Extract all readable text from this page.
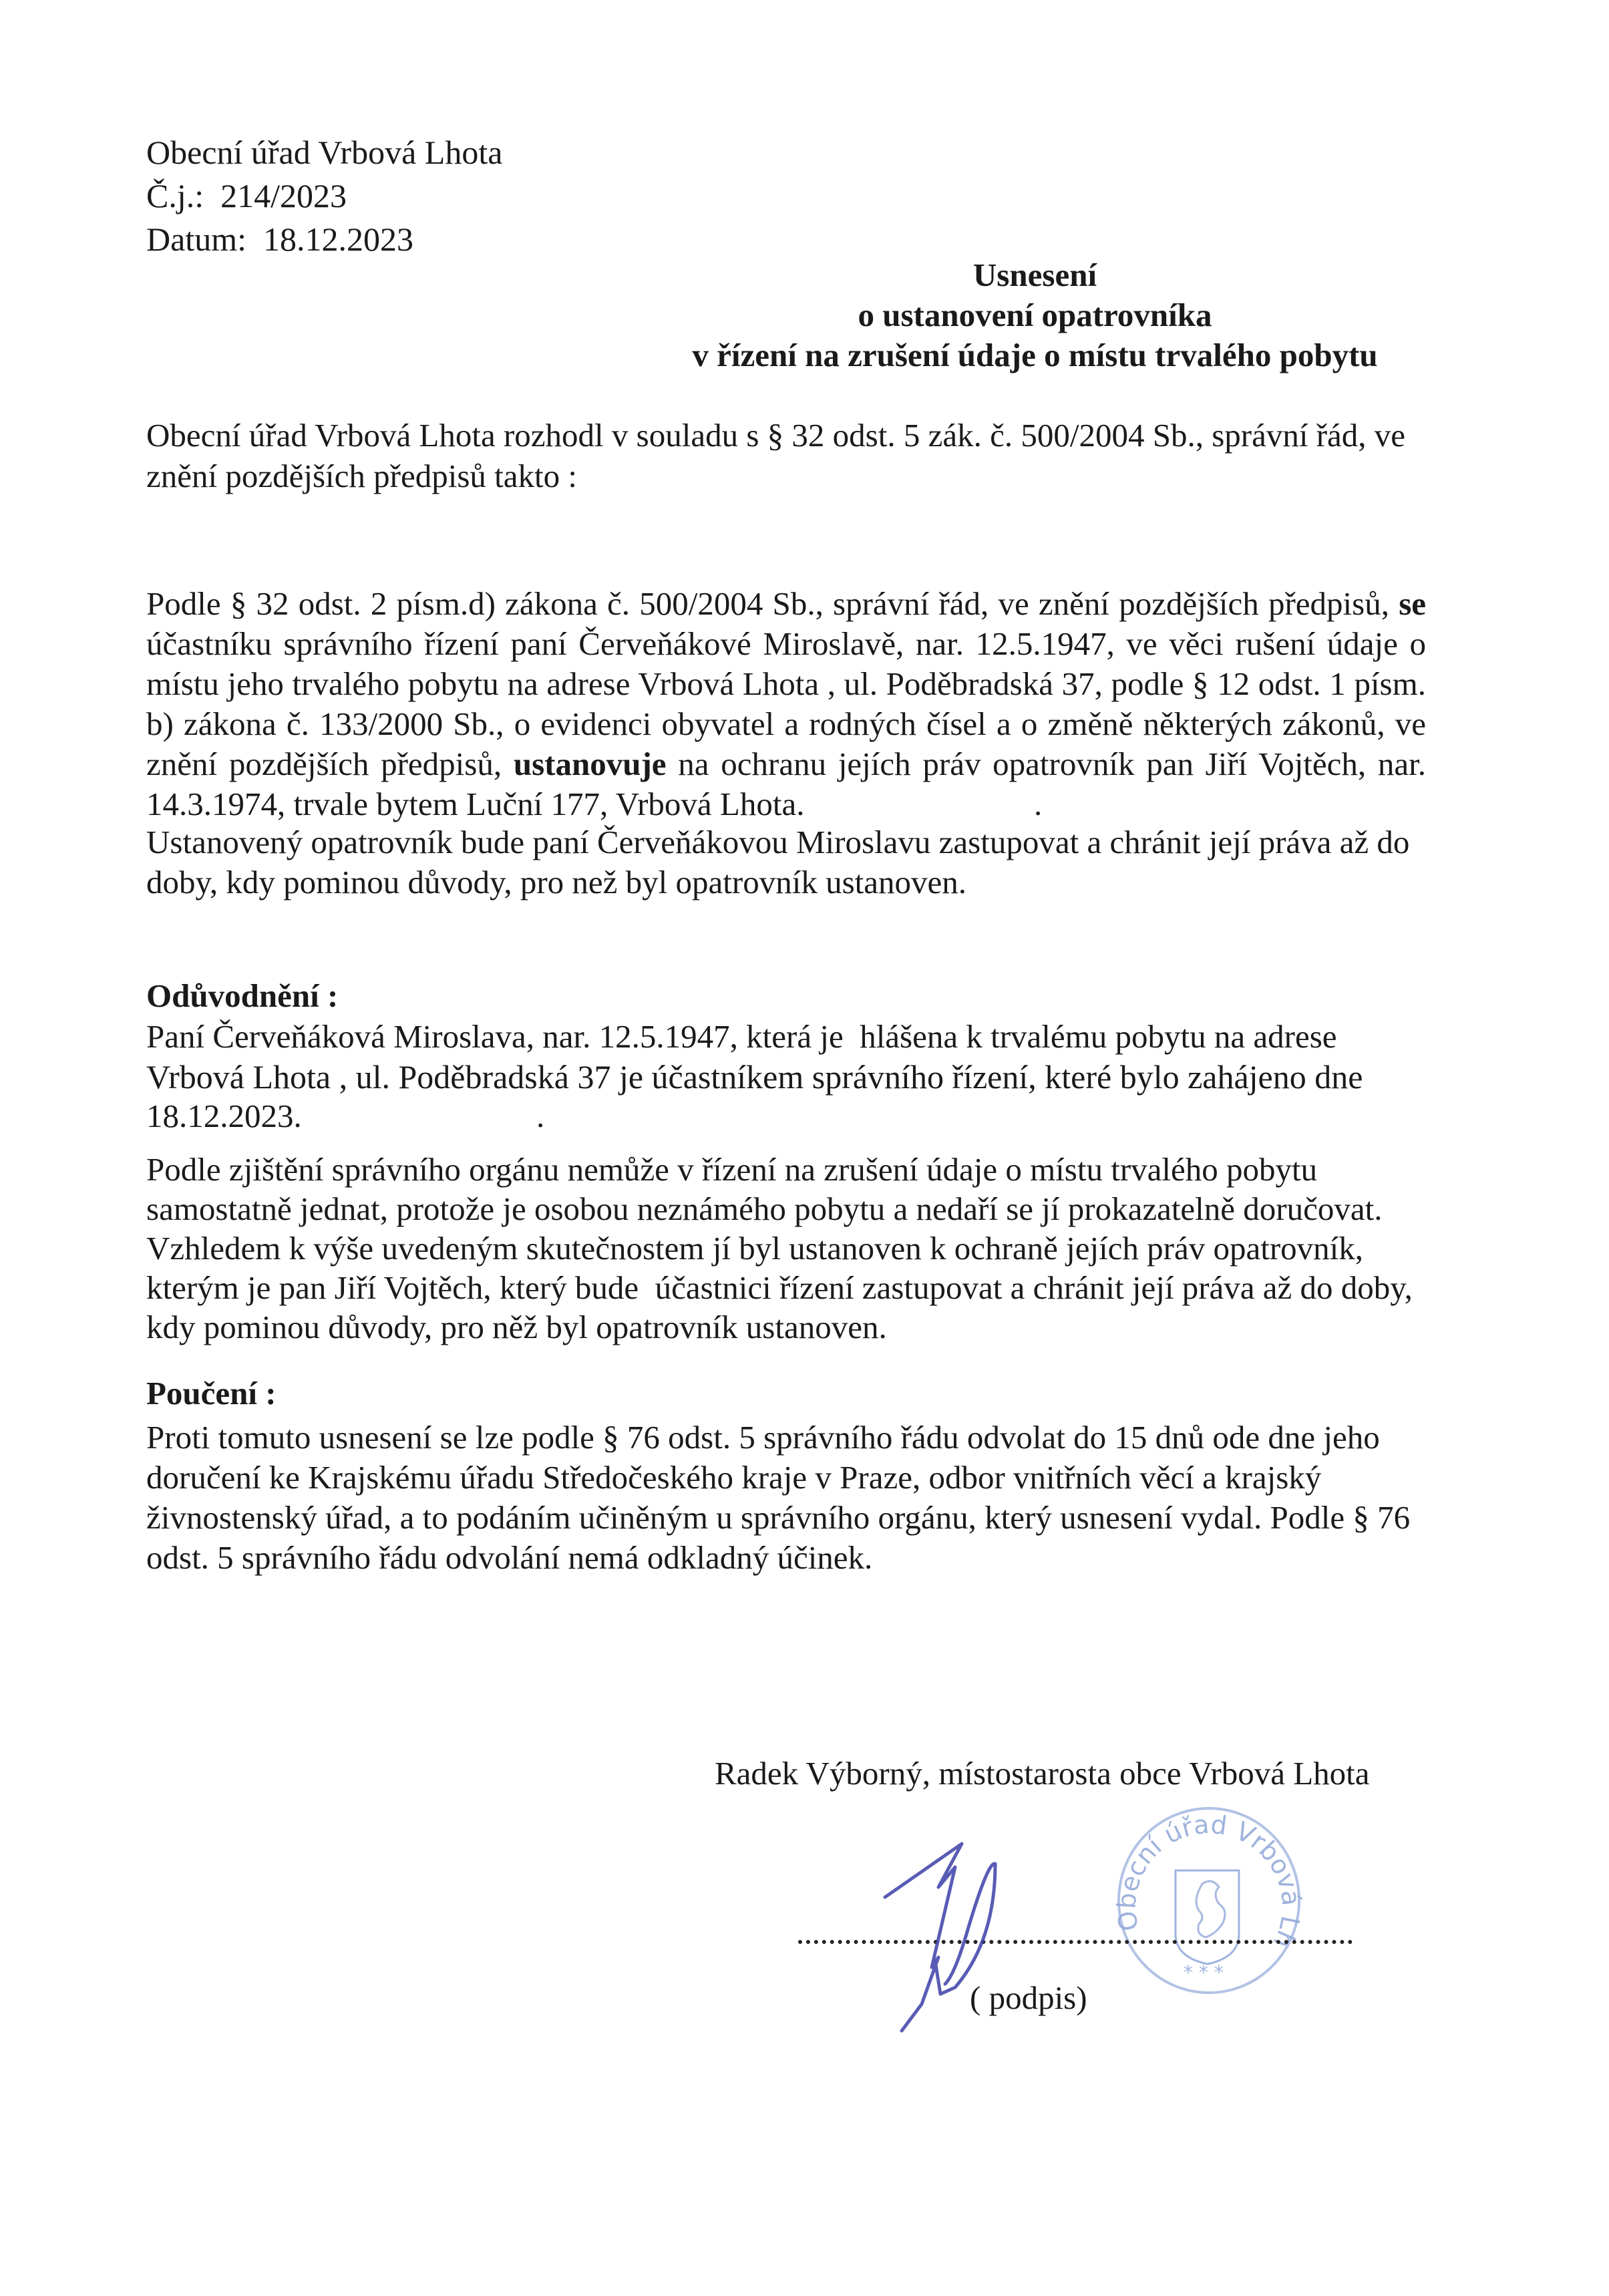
Obecní úřad Vrbová Lhota
Č.j.: 214/2023
Datum: 18.12.2023
Usnesení
o ustanovení opatrovníka
v řízení na zrušení údaje o místu trvalého pobytu
Obecní úřad Vrbová Lhota rozhodl v souladu s § 32 odst. 5 zák. č. 500/2004 Sb., správní řád, ve
znění pozdějších předpisů takto :
Podle § 32 odst. 2 písm.d) zákona č. 500/2004 Sb., správní řád, ve znění pozdějších předpisů, se
účastníku správního řízení paní Červeňákové Miroslavě, nar. 12.5.1947, ve věci rušení údaje o
místu jeho trvalého pobytu na adrese Vrbová Lhota , ul. Poděbradská 37, podle § 12 odst. 1 písm.
b) zákona č. 133/2000 Sb., o evidenci obyvatel a rodných čísel a o změně některých zákonů, ve
znění pozdějších předpisů, ustanovuje na ochranu jejích práv opatrovník pan Jiří Vojtěch, nar.
14.3.1974, trvale bytem Luční 177, Vrbová Lhota.	.
Ustanovený opatrovník bude paní Červeňákovou Miroslavu zastupovat a chránit její práva až do
doby, kdy pominou důvody, pro než byl opatrovník ustanoven.
Odůvodnění :
Paní Červeňáková Miroslava, nar. 12.5.1947, která je  hlášena k trvalému pobytu na adrese
Vrbová Lhota , ul. Poděbradská 37 je účastníkem správního řízení, které bylo zahájeno dne
18.12.2023.	.
Podle zjištění správního orgánu nemůže v řízení na zrušení údaje o místu trvalého pobytu
samostatně jednat, protože je osobou neznámého pobytu a nedaří se jí prokazatelně doručovat.
Vzhledem k výše uvedeným skutečnostem jí byl ustanoven k ochraně jejích práv opatrovník,
kterým je pan Jiří Vojtěch, který bude  účastnici řízení zastupovat a chránit její práva až do doby,
kdy pominou důvody, pro něž byl opatrovník ustanoven.
Poučení :
Proti tomuto usnesení se lze podle § 76 odst. 5 správního řádu odvolat do 15 dnů ode dne jeho
doručení ke Krajskému úřadu Středočeského kraje v Praze, odbor vnitřních věcí a krajský
živnostenský úřad, a to podáním učiněným u správního orgánu, který usnesení vydal. Podle § 76
odst. 5 správního řádu odvolání nemá odkladný účinek.
Radek Výborný, místostarosta obce Vrbová Lhota
Obecní úřad Vrbová Lh
* * *
( podpis)
